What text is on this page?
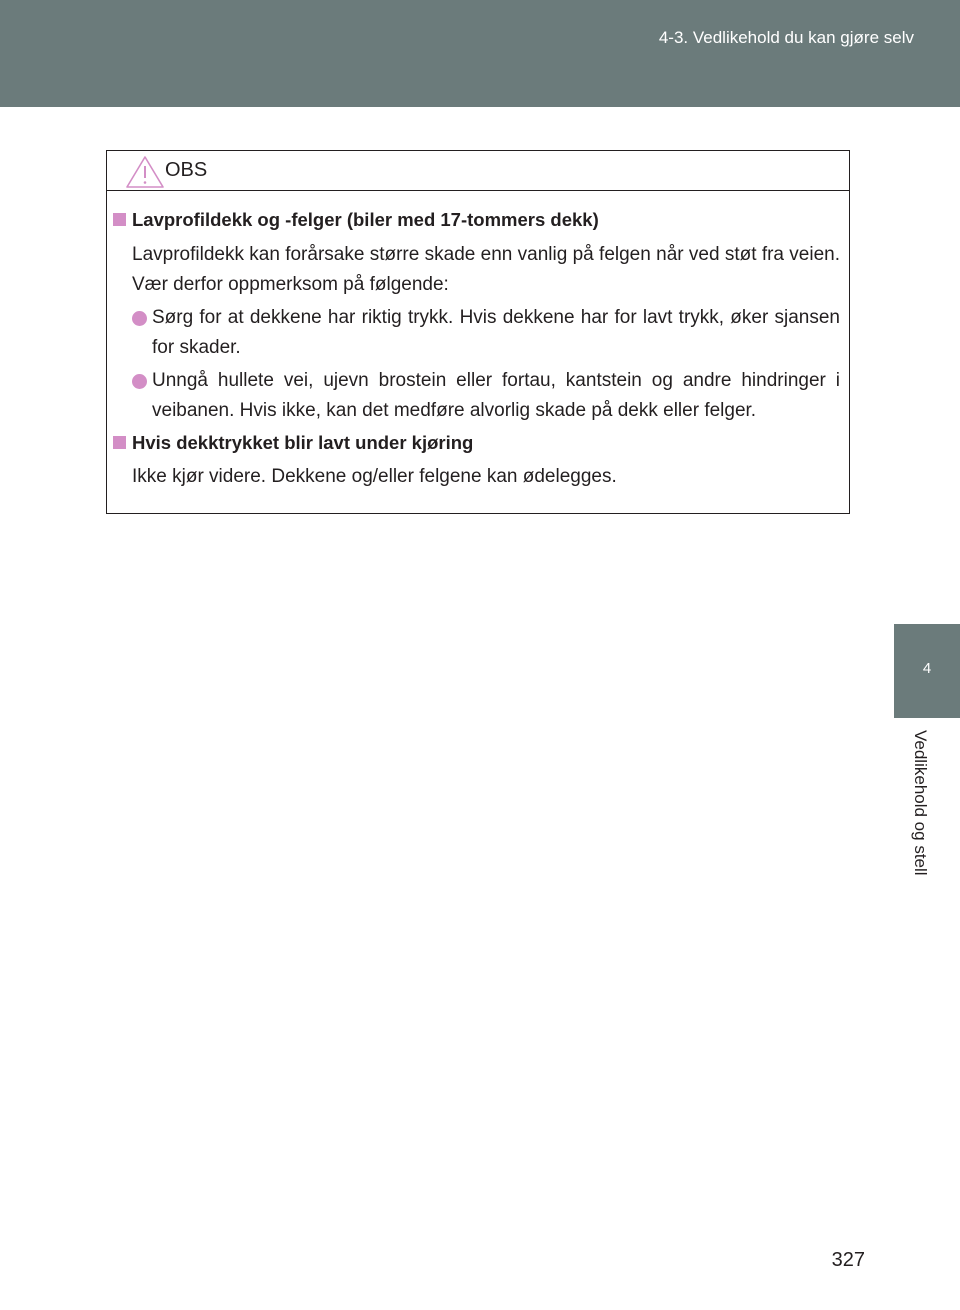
4-3. Vedlikehold du kan gjøre selv
4
Vedlikehold og stell
OBS
Lavprofildekk og -felger (biler med 17-tommers dekk)
Lavprofildekk kan forårsake større skade enn vanlig på felgen når ved støt fra veien. Vær derfor oppmerksom på følgende:
Sørg for at dekkene har riktig trykk. Hvis dekkene har for lavt trykk, øker sjansen for skader.
Unngå hullete vei, ujevn brostein eller fortau, kantstein og andre hindringer i veibanen. Hvis ikke, kan det medføre alvorlig skade på dekk eller felger.
Hvis dekktrykket blir lavt under kjøring
Ikke kjør videre. Dekkene og/eller felgene kan ødelegges.
327
